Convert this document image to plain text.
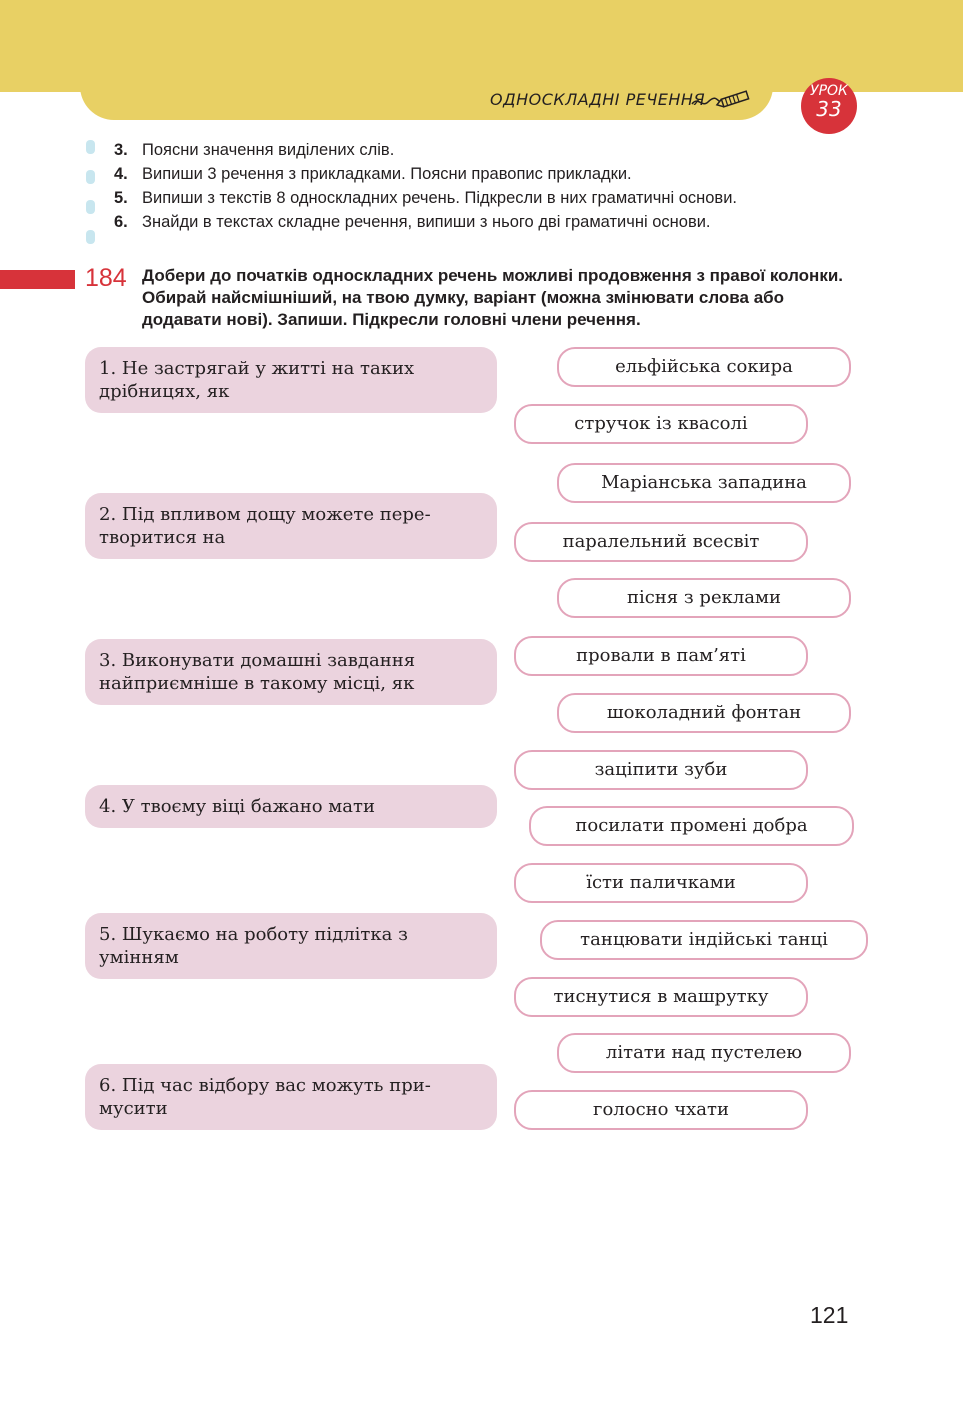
ОДНОСКЛАДНІ РЕЧЕННЯ	УРОК
33
3. Поясни значення виділених слів.
4. Випиши 3 речення з прикладками. Поясни правопис прикладки.
5. Випиши з текстів 8 односкладних речень. Підкресли в них граматичні основи.
6. Знайди в текстах складне речення, випиши з нього дві граматичні основи.
184 Добери до початків односкладних речень можливі продовження з правої колонки. Обирай найсмішніший, на твою думку, варіант (можна змінювати слова або додавати нові). Запиши. Підкресли головні члени речення.
1. Не застрягай у житті на таких дрібницях, як
2. Під впливом дощу можете пере-
творитися на
3. Виконувати домашні завдання найприємніше в такому місці, як
4. У твоєму віці бажано мати
5. Шукаємо на роботу підлітка з умінням
6. Під час відбору вас можуть при-
мусити
ельфійська сокира
стручок із квасолі
Маріанська западина
паралельний всесвіт
пісня з реклами
провали в пам’яті
шоколадний фонтан
заціпити зуби
посилати промені добра
їсти паличками
танцювати індійські танці
тиснутися в машрутку
літати над пустелею
голосно чхати
121
